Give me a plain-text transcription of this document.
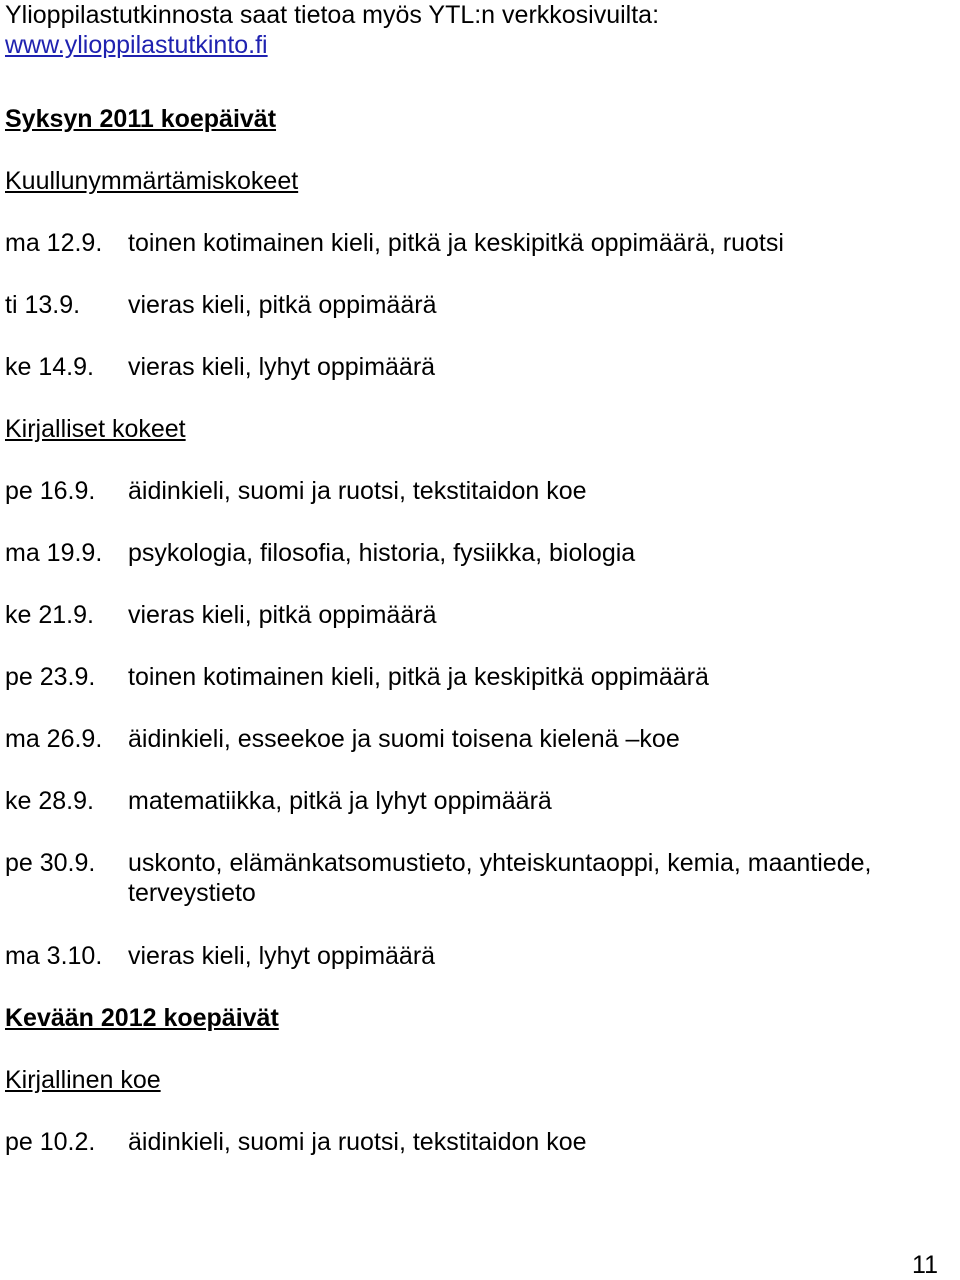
Ylioppilastutkinnosta saat tietoa myös YTL:n verkkosivuilta:
www.ylioppilastutkinto.fi
Syksyn 2011 koepäivät
Kuullunymmärtämiskokeet
ma 12.9. toinen kotimainen kieli, pitkä ja keskipitkä oppimäärä, ruotsi
ti 13.9. vieras kieli, pitkä oppimäärä
ke 14.9. vieras kieli, lyhyt oppimäärä
Kirjalliset kokeet
pe 16.9. äidinkieli, suomi ja ruotsi, tekstitaidon koe
ma 19.9. psykologia, filosofia, historia, fysiikka, biologia
ke 21.9. vieras kieli, pitkä oppimäärä
pe 23.9. toinen kotimainen kieli, pitkä ja keskipitkä oppimäärä
ma 26.9. äidinkieli, esseekoe ja suomi toisena kielenä –koe
ke 28.9. matematiikka, pitkä ja lyhyt oppimäärä
pe 30.9. uskonto, elämänkatsomustieto, yhteiskuntaoppi, kemia, maantiede, terveystieto
ma 3.10. vieras kieli, lyhyt oppimäärä
Kevään 2012 koepäivät
Kirjallinen koe
pe 10.2. äidinkieli, suomi ja ruotsi, tekstitaidon koe
11
